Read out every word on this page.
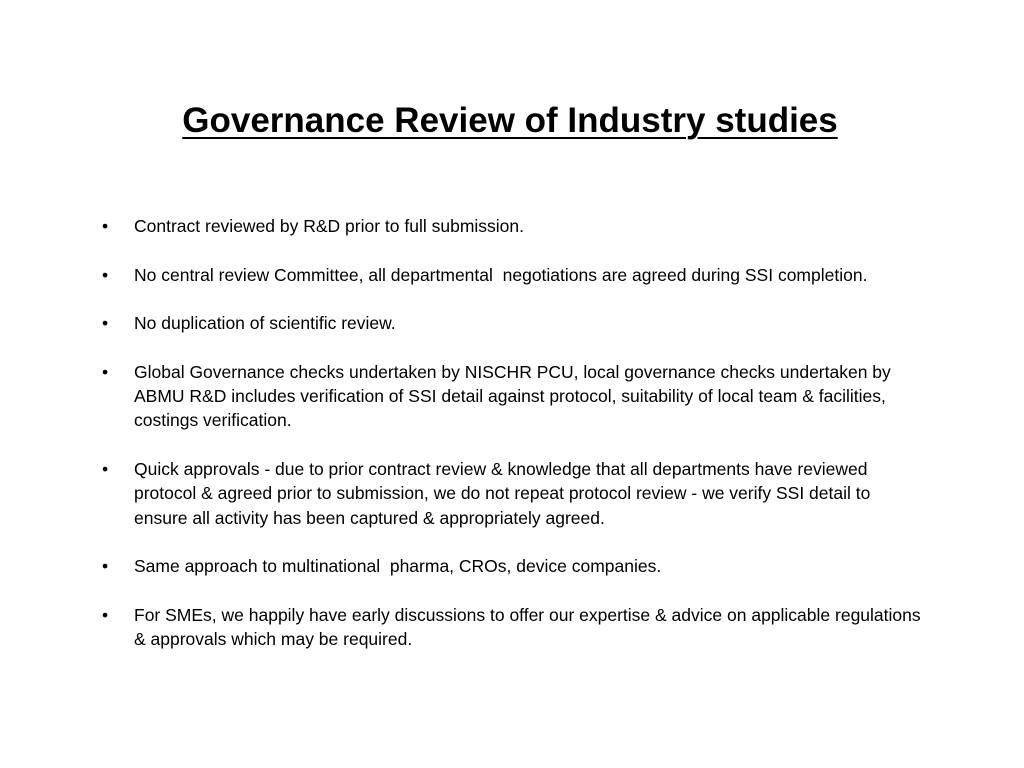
Governance Review of Industry studies
•	Contract reviewed by R&D prior to full submission.
•	No central review Committee, all departmental  negotiations are agreed during SSI completion.
•	No duplication of scientific review.
•	Global Governance checks undertaken by NISCHR PCU, local governance checks undertaken by ABMU R&D includes verification of SSI detail against protocol, suitability of local team & facilities, costings verification.
•	Quick approvals - due to prior contract review & knowledge that all departments have reviewed protocol & agreed prior to submission, we do not repeat protocol review - we verify SSI detail to ensure all activity has been captured & appropriately agreed.
•	Same approach to multinational  pharma, CROs, device companies.
•	For SMEs, we happily have early discussions to offer our expertise & advice on applicable regulations & approvals which may be required.
